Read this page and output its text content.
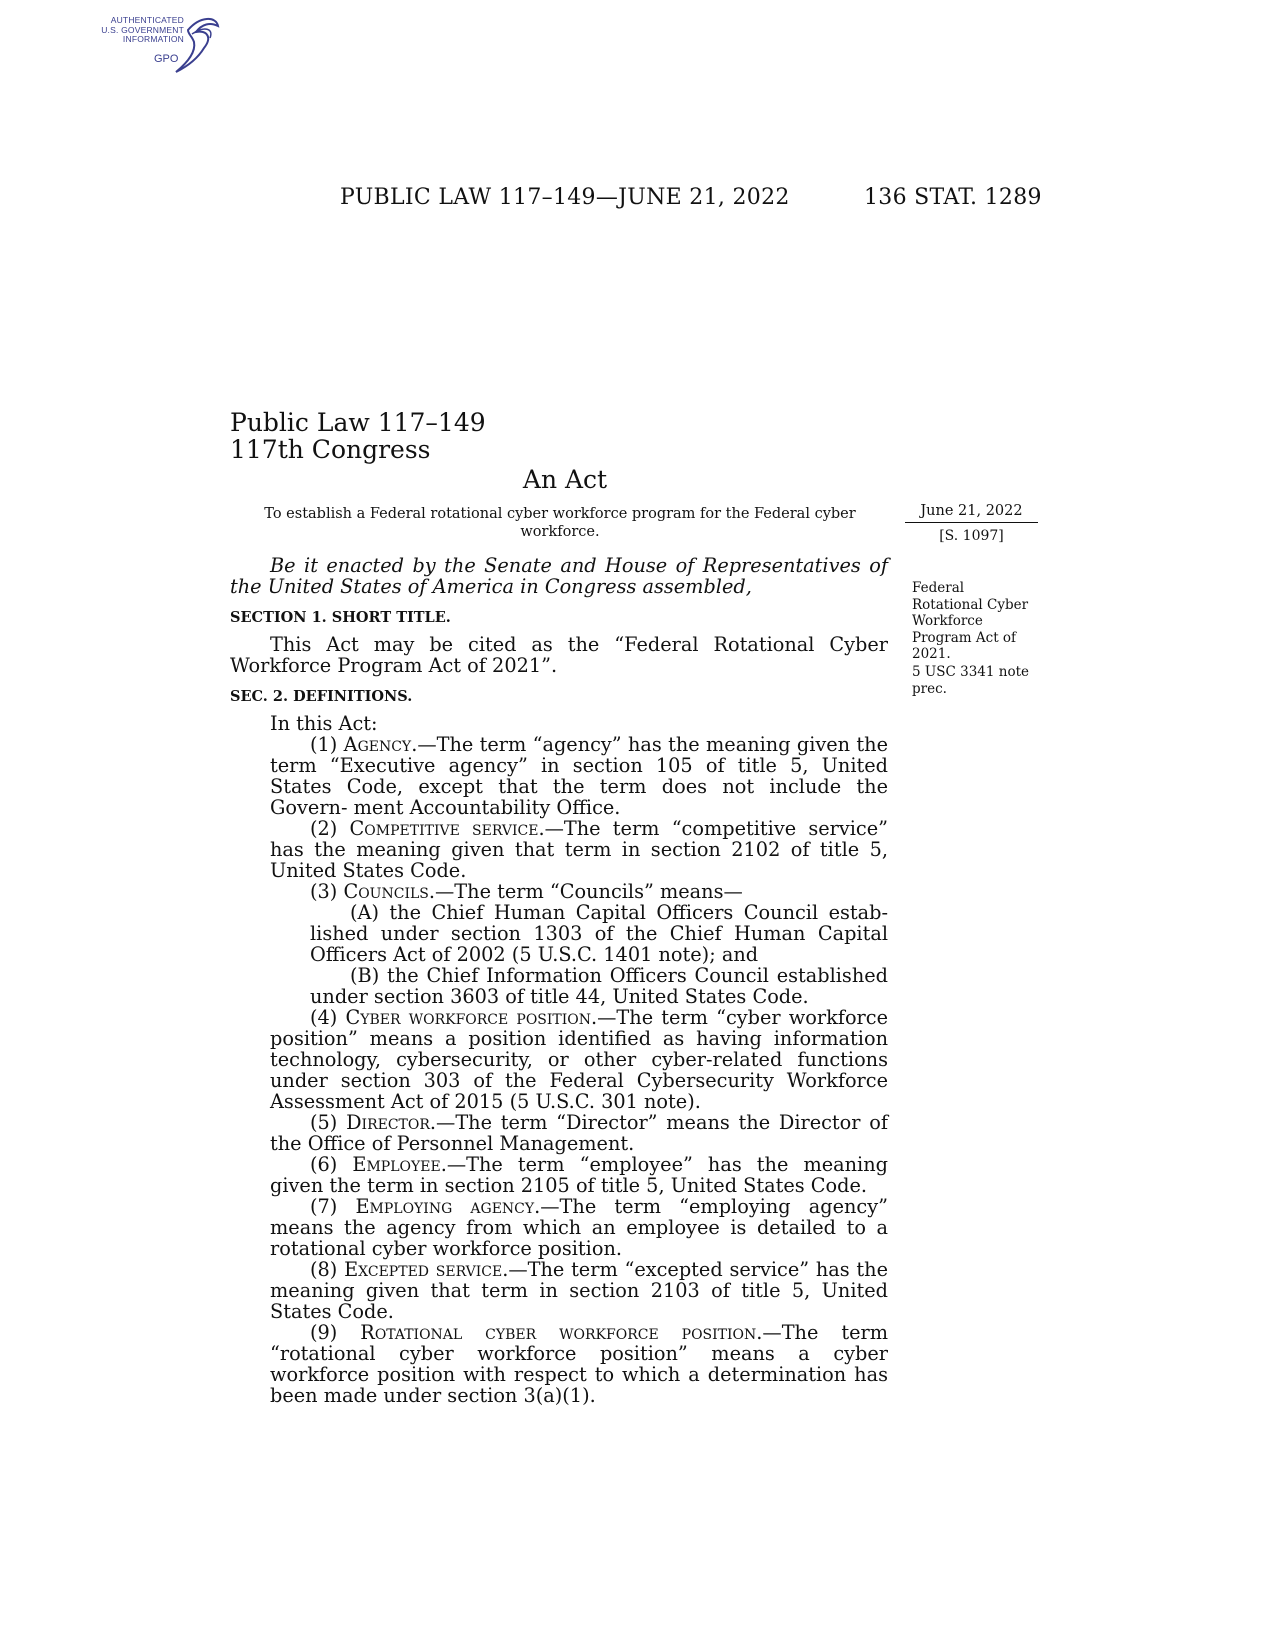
AUTHENTICATED
U.S. GOVERNMENT
INFORMATION
GPO
PUBLIC LAW 117–149—JUNE 21, 2022	136 STAT. 1289
Public Law 117–149
117th Congress
An Act
To establish a Federal rotational cyber workforce program for the Federal cyber workforce.
June 21, 2022
[S. 1097]
Federal
Rotational Cyber
Workforce
Program Act of
2021.
5 USC 3341 note
prec.

Be it enacted by the Senate and House of Representatives of the United States of America in Congress assembled,

SECTION 1. SHORT TITLE.

This Act may be cited as the “Federal Rotational Cyber Workforce Program Act of 2021”.

SEC. 2. DEFINITIONS.

In this Act:

(1) Agency.—The term “agency” has the meaning given the term “Executive agency” in section 105 of title 5, United States Code, except that the term does not include the Govern- ment Accountability Office.

(2) Competitive service.—The term “competitive service” has the meaning given that term in section 2102 of title 5, United States Code.

(3) Councils.—The term “Councils” means—

(A) the Chief Human Capital Officers Council estab- lished under section 1303 of the Chief Human Capital Officers Act of 2002 (5 U.S.C. 1401 note); and

(B) the Chief Information Officers Council established under section 3603 of title 44, United States Code.

(4) Cyber workforce position.—The term “cyber workforce position” means a position identified as having information technology, cybersecurity, or other cyber-related functions under section 303 of the Federal Cybersecurity Workforce Assessment Act of 2015 (5 U.S.C. 301 note).

(5) Director.—The term “Director” means the Director of the Office of Personnel Management.

(6) Employee.—The term “employee” has the meaning given the term in section 2105 of title 5, United States Code.

(7) Employing agency.—The term “employing agency” means the agency from which an employee is detailed to a rotational cyber workforce position.

(8) Excepted service.—The term “excepted service” has the meaning given that term in section 2103 of title 5, United States Code.

(9) Rotational cyber workforce position.—The term “rotational cyber workforce position” means a cyber workforce position with respect to which a determination has been made under section 3(a)(1).
